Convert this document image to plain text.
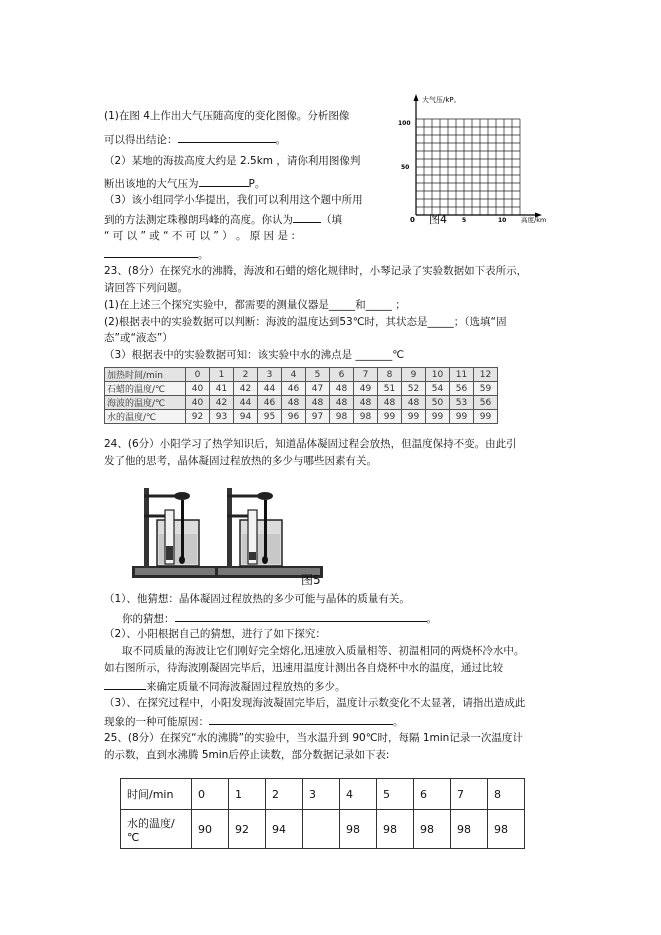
大气压/kP。
100
50
0	5	10 高度/km
图4
(1)在图 4上作出大气压随高度的变化图像。分析图像
可以得出结论：	。
（2）某地的海拔高度大约是 2.5km ，请你利用图像判
断出该地的大气压为	P。
（3）该小组同学小华提出，我们可以利用这个题中所用
到的方法测定珠穆朗玛峰的高度。你认为	（填
“ 可 以 ” 或 “ 不 可 以 ” ） 。 原 因 是 :
。
23、(8分）在探究水的沸腾，海波和石蜡的熔化规律时，小琴记录了实验数据如下表所示，
请回答下列问题。
(1)在上述三个探究实验中，都需要的测量仪器是_____和_____ ；
(2)根据表中的实验数据可以判断：海波的温度达到53℃时，其状态是_____；（选填“固
态”或“液态”）
（3）根据表中的实验数据可知：该实验中水的沸点是 _______℃
加热时间/min	0	1	2	3	4	5	6	7	8	9	10	11	12
石蜡的温度/℃	40	41	42	44	46	47	48	49	51	52	54	56	59
海波的温度/℃	40	42	44	46	48	48	48	48	48	48	50	53	56
水的温度/℃	92	93	94	95	96	97	98	98	99	99	99	99	99
24、(6分）小阳学习了热学知识后，知道晶体凝固过程会放热，但温度保持不变。由此引
发了他的思考，晶体凝固过程放热的多少与哪些因素有关。
图5
（1）、他猜想：晶体凝固过程放热的多少可能与晶体的质量有关。
你的猜想：	。
（2）、小阳根据自己的猜想，进行了如下探究：
取不同质量的海波让它们刚好完全熔化,迅速放入质量相等、初温相同的两烧杯冷水中。
如右图所示，待海波刚凝固完毕后，迅速用温度计测出各自烧杯中水的温度，通过比较
来确定质量不同海波凝固过程放热的多少。
（3）、在探究过程中，小阳发现海波凝固完毕后，温度计示数变化不太显著，请指出造成此
现象的一种可能原因：	。
25、(8分）在探究“水的沸腾”的实验中，当水温升到 90℃时，每隔 1min记录一次温度计
的示数，直到水沸腾 5min后停止读数，部分数据记录如下表:
时间/min	0	1	2	3	4	5	6	7	8
水的温度/℃	90	92	94		98	98	98	98	98
